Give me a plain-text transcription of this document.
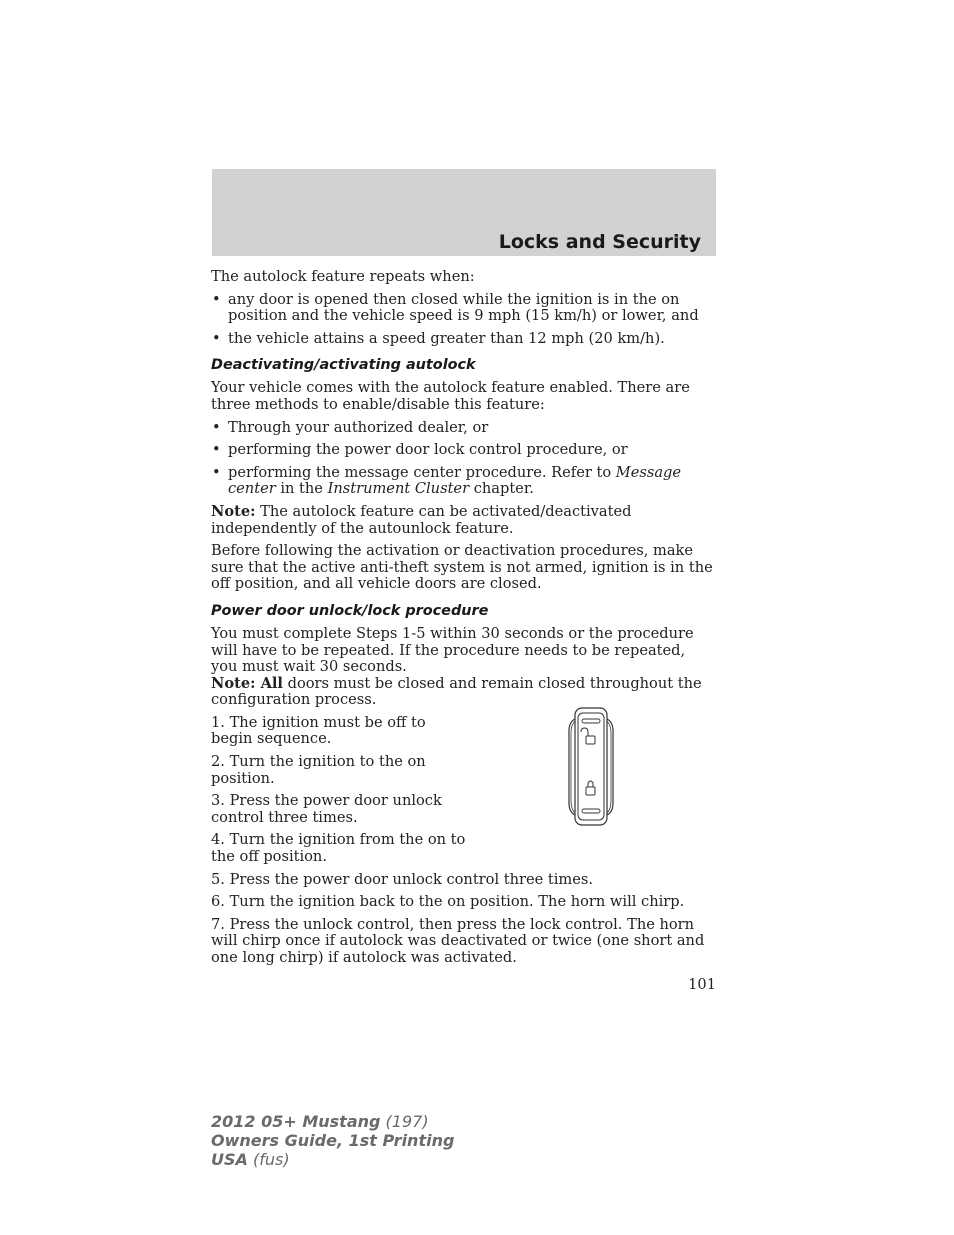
Locks and Security

The autolock feature repeats when:

• any door is opened then closed while the ignition is in the on position and the vehicle speed is 9 mph (15 km/h) or lower, and
• the vehicle attains a speed greater than 12 mph (20 km/h).
Deactivating/activating autolock

Your vehicle comes with the autolock feature enabled. There are three methods to enable/disable this feature:

• Through your authorized dealer, or
• performing the power door lock control procedure, or
• performing the message center procedure. Refer to Message center in the Instrument Cluster chapter.

Note: The autolock feature can be activated/deactivated independently of the autounlock feature.

Before following the activation or deactivation procedures, make sure that the active anti-theft system is not armed, ignition is in the off position, and all vehicle doors are closed.

Power door unlock/lock procedure

You must complete Steps 1-5 within 30 seconds or the procedure will have to be repeated. If the procedure needs to be repeated, you must wait 30 seconds.
Note: All doors must be closed and remain closed throughout the configuration process.

1. The ignition must be off to begin sequence.

2. Turn the ignition to the on position.

3. Press the power door unlock control three times.

4. Turn the ignition from the on to the off position.

5. Press the power door unlock control three times.

6. Turn the ignition back to the on position. The horn will chirp.

7. Press the unlock control, then press the lock control. The horn will chirp once if autolock was deactivated or twice (one short and one long chirp) if autolock was activated.

101
2012 05+ Mustang (197)
Owners Guide, 1st Printing
USA (fus)
